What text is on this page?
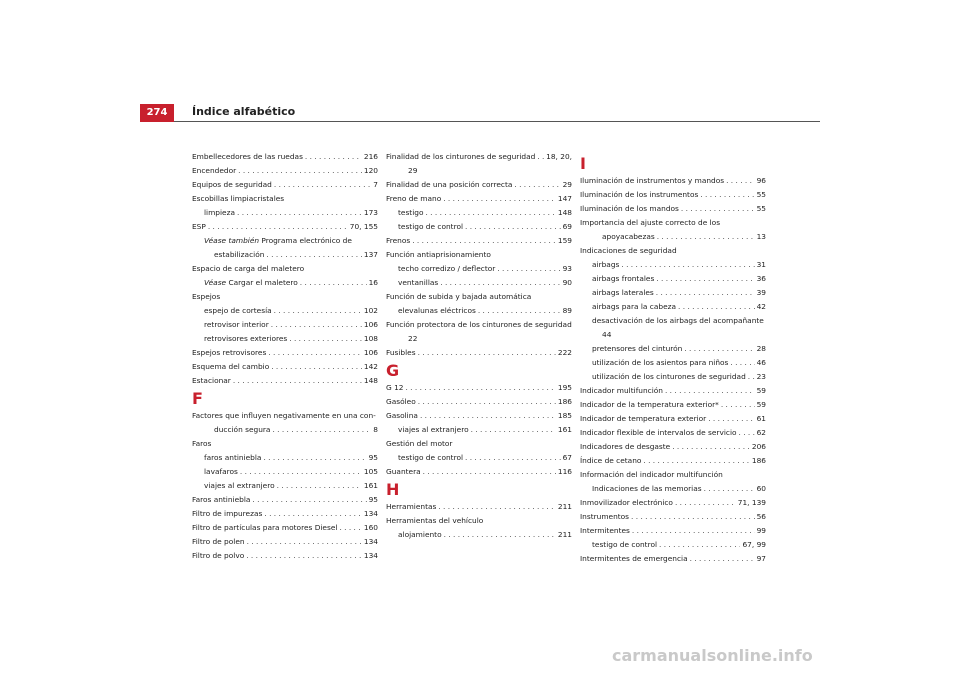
274	Índice alfabético
Embellecedores de las ruedas . . .	216
Encendedor . . .	120
Equipos de seguridad . . .	7
Escobillas limpiacristales
limpieza . . .	173
ESP . . .	70, 155
Véase también Programa electrónico de
estabilización . . .	137
Espacio de carga del maletero
Véase Cargar el maletero . . .	16
Espejos
espejo de cortesía . . .	102
retrovisor interior . . .	106
retrovisores exteriores . . .	108
Espejos retrovisores . . .	106
Esquema del cambio . . .	142
Estacionar . . .	148
F
Factores que influyen negativamente en una con-
ducción segura . . .	8
Faros
faros antiniebla . . .	95
lavafaros . . .	105
viajes al extranjero . . .	161
Faros antiniebla . . .	95
Filtro de impurezas . . .	134
Filtro de partículas para motores Diesel . . .	160
Filtro de polen . . .	134
Filtro de polvo . . .	134
Finalidad de los cinturones de seguridad . . . 18, 20,
29
Finalidad de una posición correcta . . .	29
Freno de mano . . .	147
testigo . . .	148
testigo de control . . .	69
Frenos . . .	159
Función antiaprisionamiento
techo corredizo / deflector . . .	93
ventanillas . . .	90
Función de subida y bajada automática
elevalunas eléctricos . . .	89
Función protectora de los cinturones de seguridad
22
Fusibles . . .	222
G
G 12 . . .	195
Gasóleo . . .	186
Gasolina . . .	185
viajes al extranjero . . .	161
Gestión del motor
testigo de control . . .	67
Guantera . . .	116
H
Herramientas . . .	211
Herramientas del vehículo
alojamiento . . .	211
I
Iluminación de instrumentos y mandos . . .	96
Iluminación de los instrumentos . . .	55
Iluminación de los mandos . . .	55
Importancia del ajuste correcto de los
apoyacabezas . . .	13
Indicaciones de seguridad
airbags . . .	31
airbags frontales . . .	36
airbags laterales . . .	39
airbags para la cabeza . . .	42
desactivación de los airbags del acompañante
44
pretensores del cinturón . . .	28
utilización de los asientos para niños . . .	46
utilización de los cinturones de seguridad . . . 23
Indicador multifunción . . .	59
Indicador de la temperatura exterior* . . .	59
Indicador de temperatura exterior . . .	61
Indicador flexible de intervalos de servicio . . .	62
Indicadores de desgaste . . .	206
Índice de cetano . . .	186
Información del indicador multifunción
Indicaciones de las memorias . . .	60
Inmovilizador electrónico . . .	71, 139
Instrumentos . . .	56
Intermitentes . . .	99
testigo de control . . .	67, 99
Intermitentes de emergencia . . .	97
carmanualsonline.info
